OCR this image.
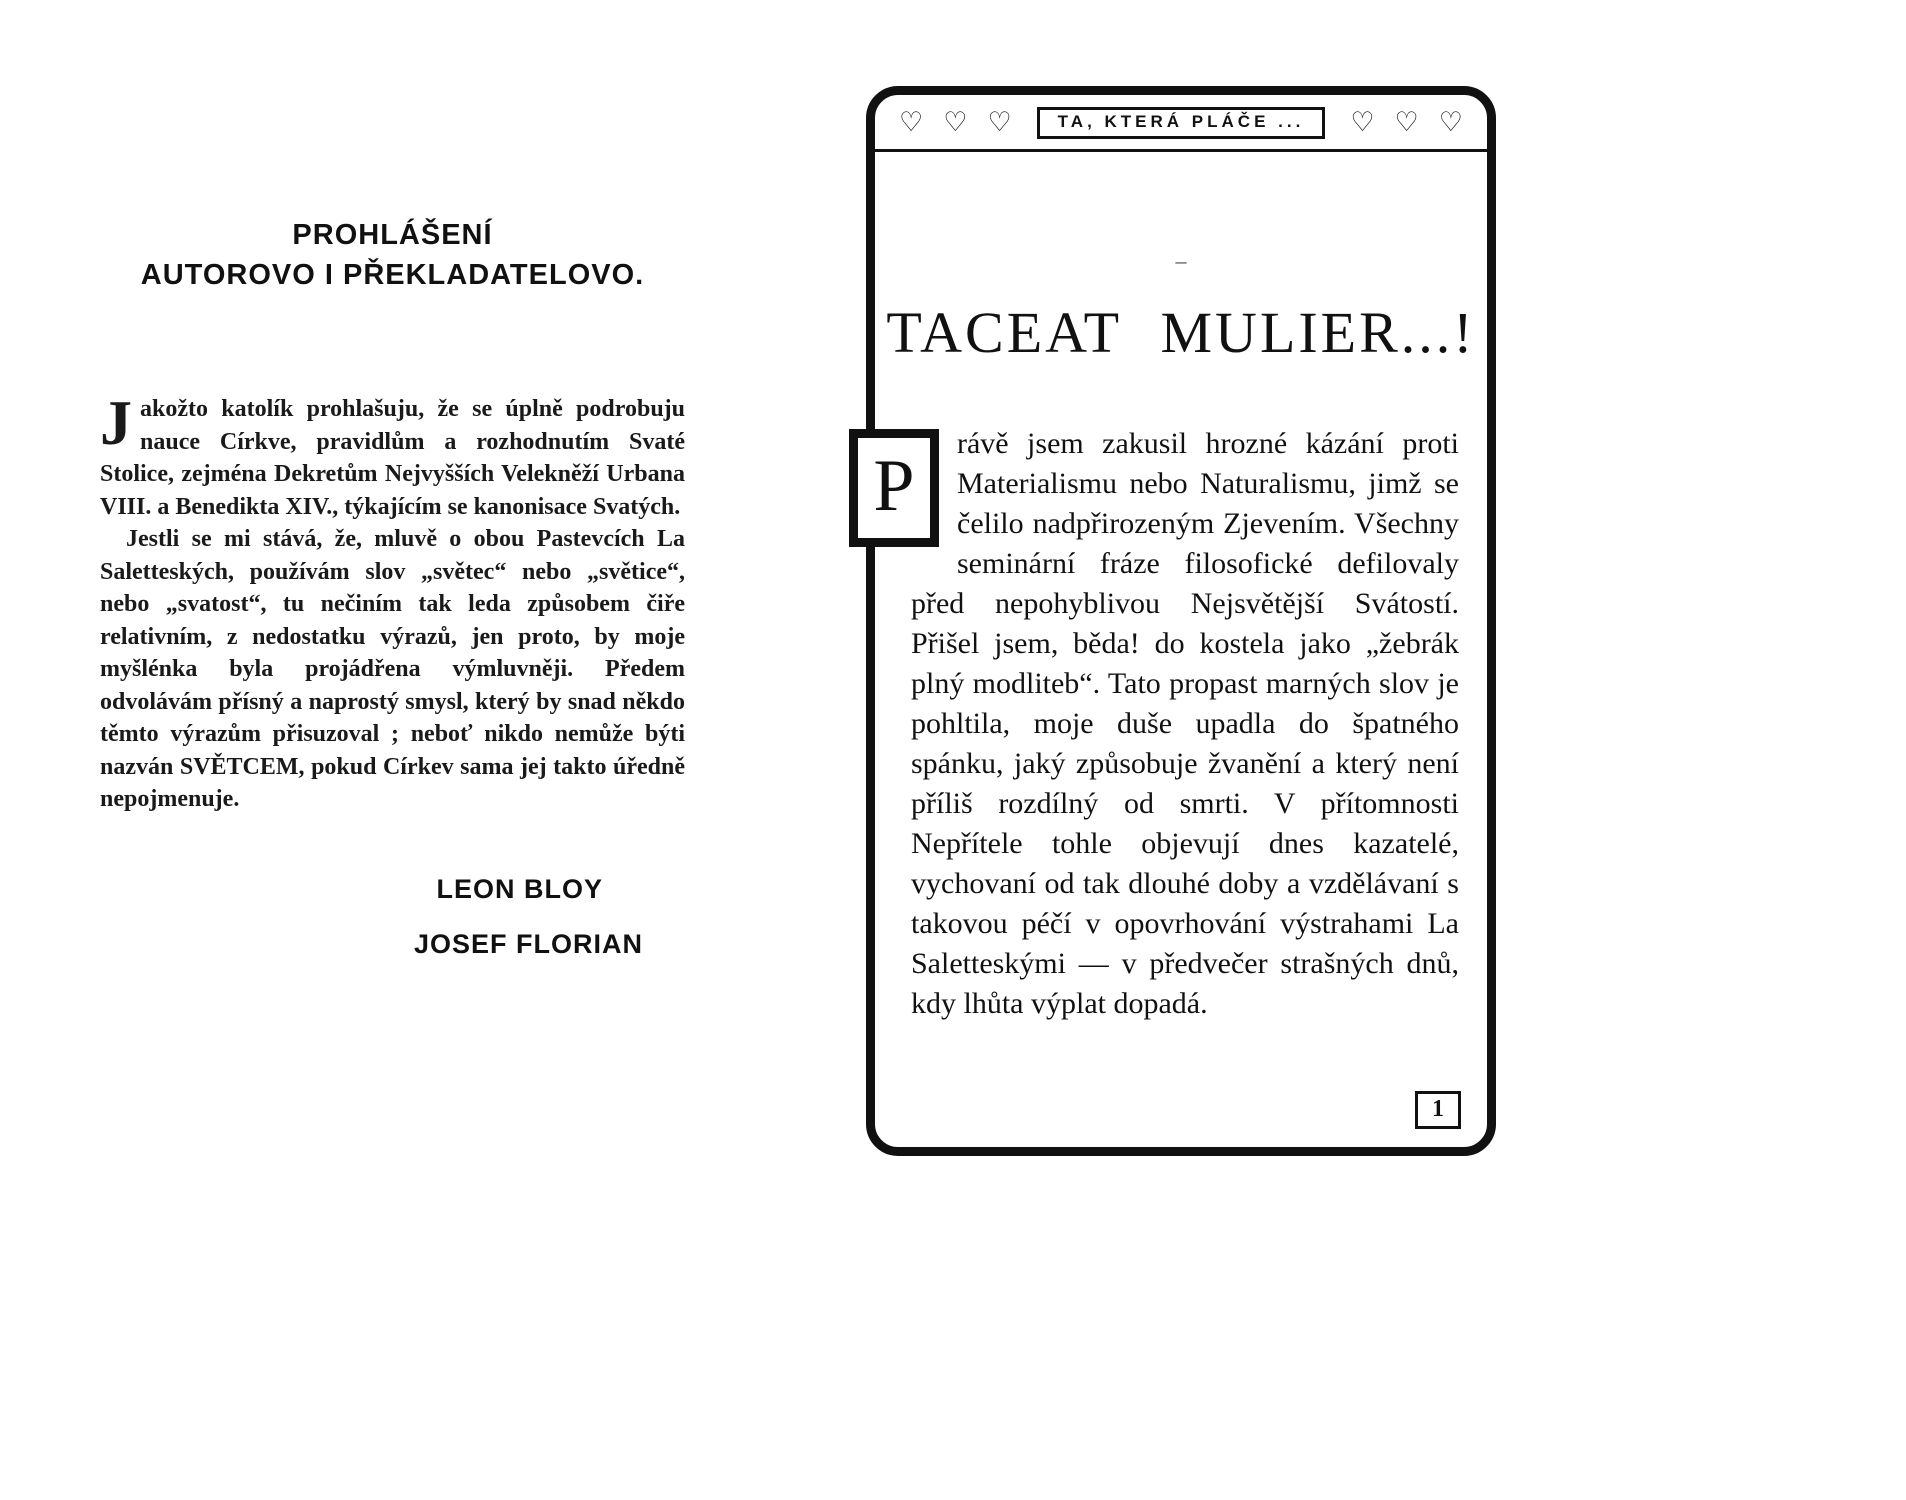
PROHLÁŠENÍ
AUTOROVO I PŘEKLADATELOVO.

Jakožto katolík prohlašuju, že se úplně podrobuju nauce Církve, pravidlům a rozhodnutím Svaté Stolice, zejména Dekretům Nejvyšších Velekněží Urbana VIII. a Benedikta XIV., týkajícím se kanonisace Svatých.

Jestli se mi stává, že, mluvě o obou Pastevcích La Saletteských, používám slov „světec“ nebo „světice“, nebo „svatost“, tu nečiním tak leda způsobem čiře relativním, z nedostatku výrazů, jen proto, by moje myšlénka byla projádřena výmluvněji. Předem odvolávám přísný a naprostý smysl, který by snad někdo těmto výrazům přisuzoval ; neboť nikdo nemůže býti nazván SVĚTCEM, pokud Církev sama jej takto úředně nepojmenuje.

LEON BLOY
JOSEF FLORIAN
♡ ♡ ♡	TA, KTERÁ PLÁČE ...	♡ ♡ ♡
–
TACEAT MULIER...!
P
rávě jsem zakusil hrozné kázání proti Materialismu nebo Naturalismu, jimž se čelilo nadpřirozeným Zjevením. Všechny seminární fráze filosofické defilovaly před nepohyblivou Nejsvětější Svátostí. Přišel jsem, běda! do kostela jako „žebrák plný modliteb“. Tato propast marných slov je pohltila, moje duše upadla do špatného spánku, jaký způsobuje žvanění a který není příliš rozdílný od smrti. V přítomnosti Nepřítele tohle objevují dnes kazatelé, vychovaní od tak dlouhé doby a vzdělávaní s takovou péčí v opovrhování výstrahami La Saletteskými — v předvečer strašných dnů, kdy lhůta výplat dopadá.
1
